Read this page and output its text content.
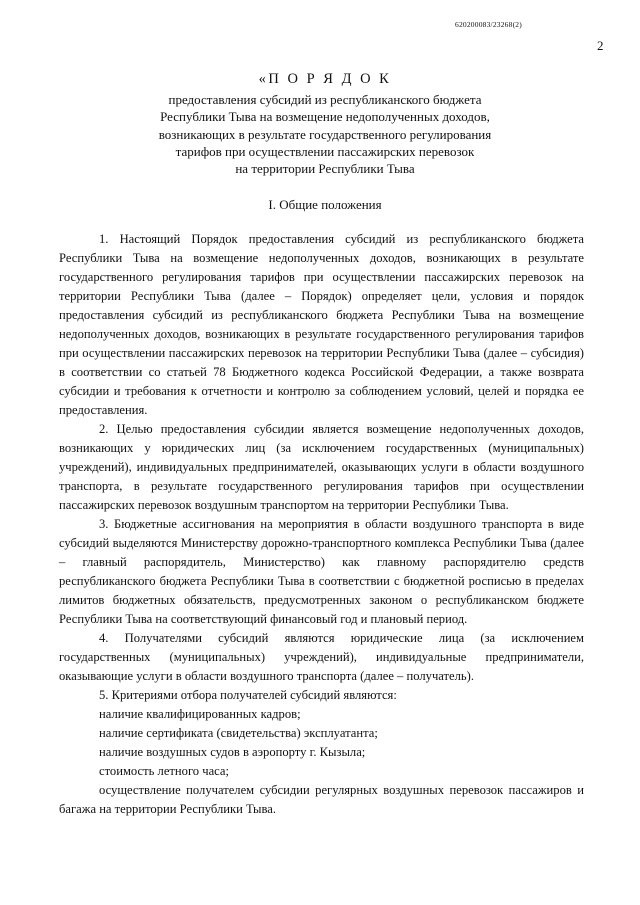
620200083/23268(2)
2
«П О Р Я Д О К
предоставления субсидий из республиканского бюджета
Республики Тыва на возмещение недополученных доходов,
возникающих в результате государственного регулирования
тарифов при осуществлении пассажирских перевозок
на территории Республики Тыва
I. Общие положения

1. Настоящий Порядок предоставления субсидий из республиканского бюджета Республики Тыва на возмещение недополученных доходов, возникающих в результате государственного регулирования тарифов при осуществлении пассажирских перевозок на территории Республики Тыва (далее – Порядок) определяет цели, условия и порядок предоставления субсидий из республиканского бюджета Республики Тыва на возмещение недополученных доходов, возникающих в результате государственного регулирования тарифов при осуществлении пассажирских перевозок на территории Республики Тыва (далее – субсидия) в соответствии со статьей 78 Бюджетного кодекса Российской Федерации, а также возврата субсидии и требования к отчетности и контролю за соблюдением условий, целей и порядка ее предоставления.

2. Целью предоставления субсидии является возмещение недополученных доходов, возникающих у юридических лиц (за исключением государственных (муниципальных) учреждений), индивидуальных предпринимателей, оказывающих услуги в области воздушного транспорта, в результате государственного регулирования тарифов при осуществлении пассажирских перевозок воздушным транспортом на территории Республики Тыва.

3. Бюджетные ассигнования на мероприятия в области воздушного транспорта в виде субсидий выделяются Министерству дорожно-транспортного комплекса Республики Тыва (далее – главный распорядитель, Министерство) как главному распорядителю средств республиканского бюджета Республики Тыва в соответствии с бюджетной росписью в пределах лимитов бюджетных обязательств, предусмотренных законом о республиканском бюджете Республики Тыва на соответствующий финансовый год и плановый период.

4. Получателями субсидий являются юридические лица (за исключением государственных (муниципальных) учреждений), индивидуальные предприниматели, оказывающие услуги в области воздушного транспорта (далее – получатель).

5. Критериями отбора получателей субсидий являются:

наличие квалифицированных кадров;

наличие сертификата (свидетельства) эксплуатанта;

наличие воздушных судов в аэропорту г. Кызыла;

стоимость летного часа;

осуществление получателем субсидии регулярных воздушных перевозок пассажиров и багажа на территории Республики Тыва.
